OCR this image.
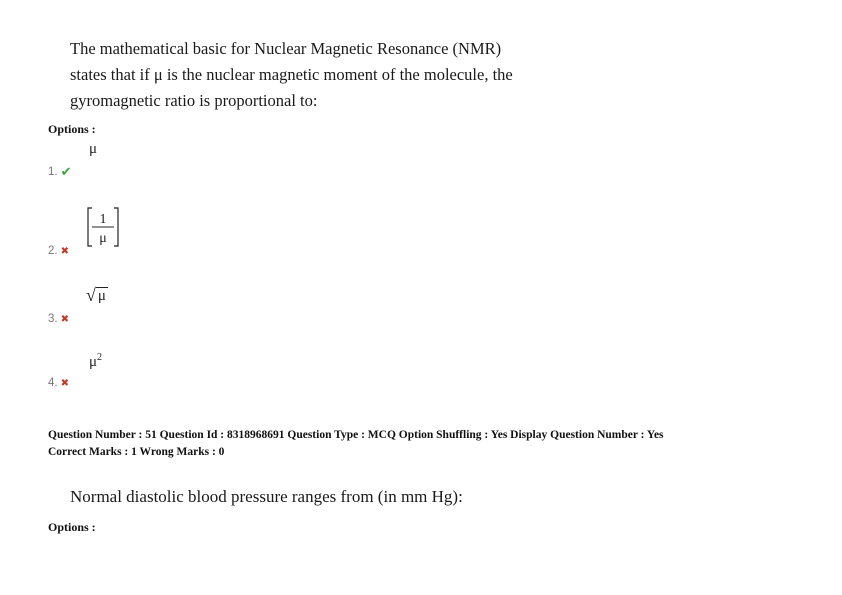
The mathematical basic for Nuclear Magnetic Resonance (NMR)
states that if μ is the nuclear magnetic moment of the molecule, the
gyromagnetic ratio is proportional to:
Options :
μ
1. ✔
1
μ
2. ✖
√ μ
3. ✖
$\mu^2$
4. ✖
Question Number : 51 Question Id : 8318968691 Question Type : MCQ Option Shuffling : Yes Display Question Number : Yes
Correct Marks : 1 Wrong Marks : 0
Normal diastolic blood pressure ranges from (in mm Hg):
Options :
